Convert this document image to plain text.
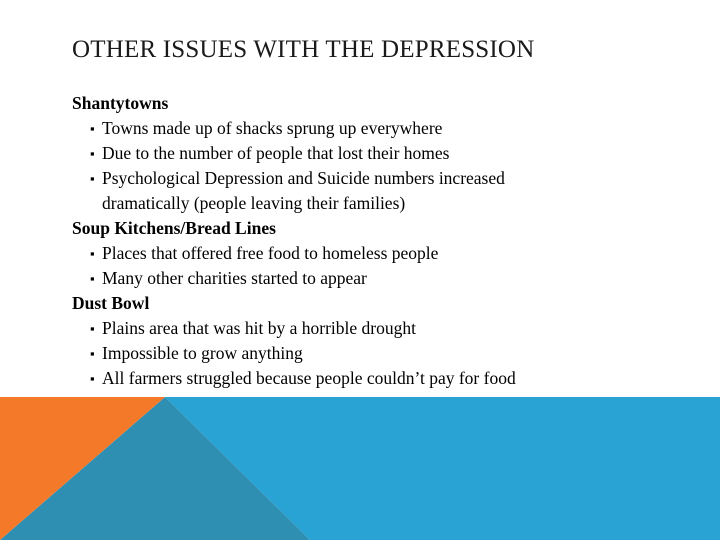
OTHER ISSUES WITH THE DEPRESSION

Shantytowns

▪ Towns made up of shacks sprung up everywhere
▪ Due to the number of people that lost their homes
▪ Psychological Depression and Suicide numbers increased dramatically (people leaving their families)

Soup Kitchens/Bread Lines

▪ Places that offered free food to homeless people
▪ Many other charities started to appear

Dust Bowl

▪ Plains area that was hit by a horrible drought
▪ Impossible to grow anything
▪ All farmers struggled because people couldn’t pay for food
